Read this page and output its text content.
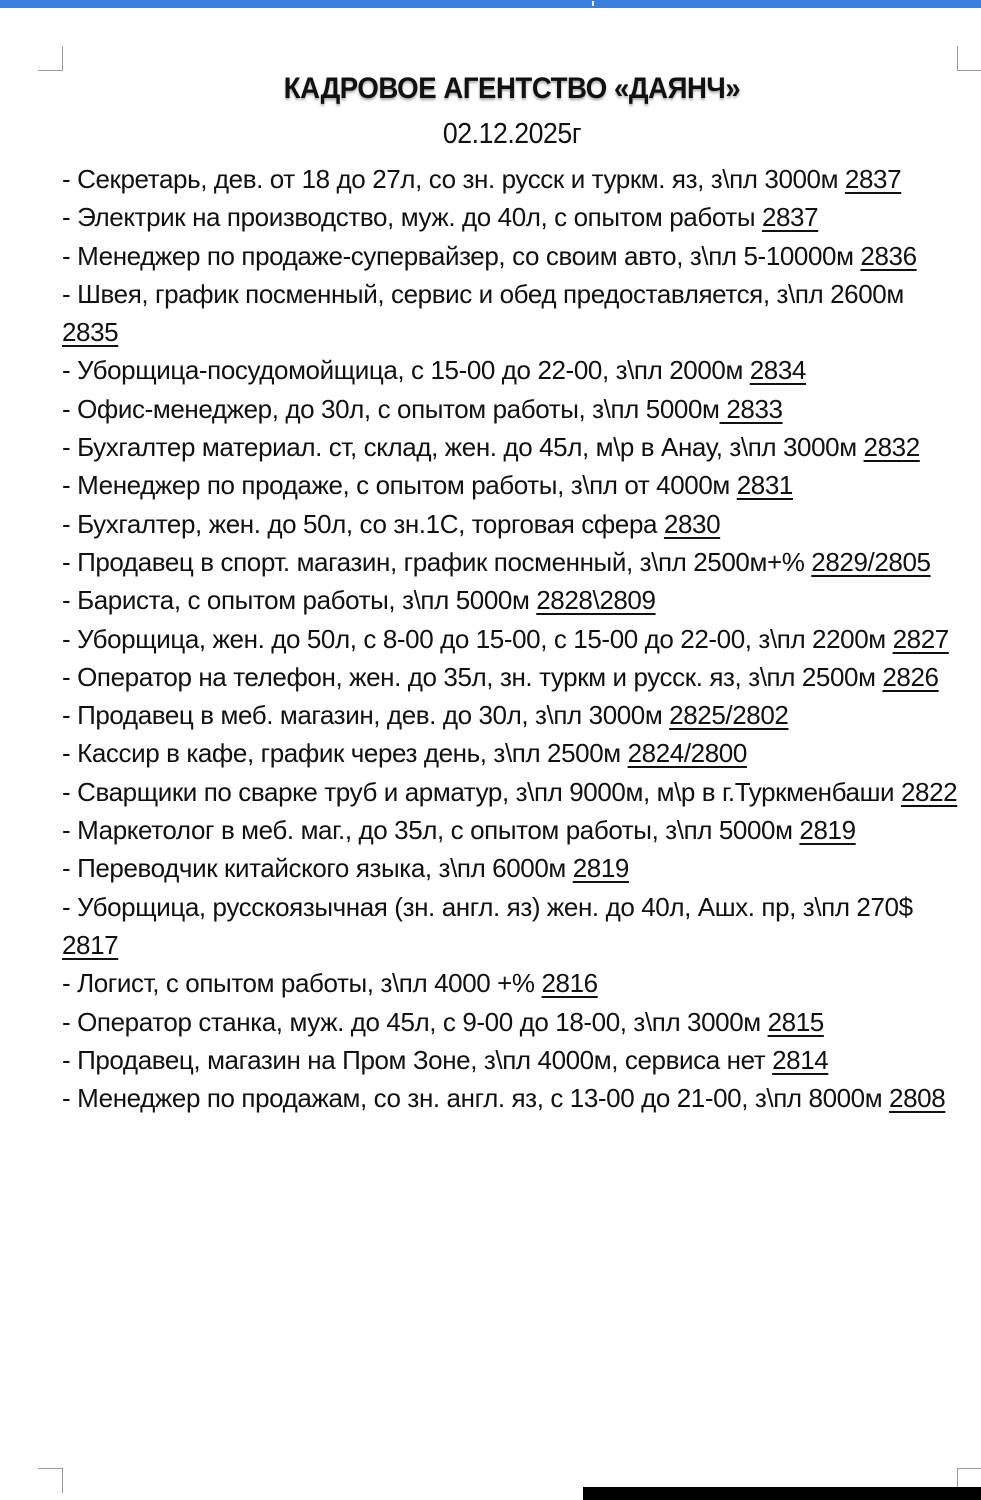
КАДРОВОЕ АГЕНТСТВО «ДАЯНЧ»
02.12.2025г

- Секретарь, дев. от 18 до 27л, со зн. русск и туркм. яз, з\пл 3000м 2837

- Электрик на производство, муж. до 40л, с опытом работы 2837

- Менеджер по продаже-супервайзер, со своим авто, з\пл 5-10000м 2836

- Швея, график посменный, сервис и обед предоставляется, з\пл 2600м 2835

- Уборщица-посудомойщица, с 15-00 до 22-00, з\пл 2000м 2834

- Офис-менеджер, до 30л, с опытом работы, з\пл 5000м 2833

- Бухгалтер материал. ст, склад, жен. до 45л, м\р в Анау, з\пл 3000м 2832

- Менеджер по продаже, с опытом работы, з\пл от 4000м 2831

- Бухгалтер, жен. до 50л, со зн.1С, торговая сфера 2830

- Продавец в спорт. магазин, график посменный, з\пл 2500м+% 2829/2805

- Бариста, с опытом работы, з\пл 5000м 2828\2809

- Уборщица, жен. до 50л, с 8-00 до 15-00, с 15-00 до 22-00, з\пл 2200м 2827

- Оператор на телефон, жен. до 35л, зн. туркм и русск. яз, з\пл 2500м 2826

- Продавец в меб. магазин, дев. до 30л, з\пл 3000м 2825/2802

- Кассир в кафе, график через день, з\пл 2500м 2824/2800

- Сварщики по сварке труб и арматур, з\пл 9000м, м\р в г.Туркменбаши 2822

- Маркетолог в меб. маг., до 35л, с опытом работы, з\пл 5000м 2819

- Переводчик китайского языка, з\пл 6000м 2819

- Уборщица, русскоязычная (зн. англ. яз) жен. до 40л, Ашх. пр, з\пл 270$ 2817

- Логист, с опытом работы, з\пл 4000 +% 2816

- Оператор станка, муж. до 45л, с 9-00 до 18-00, з\пл 3000м 2815

- Продавец, магазин на Пром Зоне, з\пл 4000м, сервиса нет 2814

- Менеджер по продажам, со зн. англ. яз, с 13-00 до 21-00, з\пл 8000м 2808
